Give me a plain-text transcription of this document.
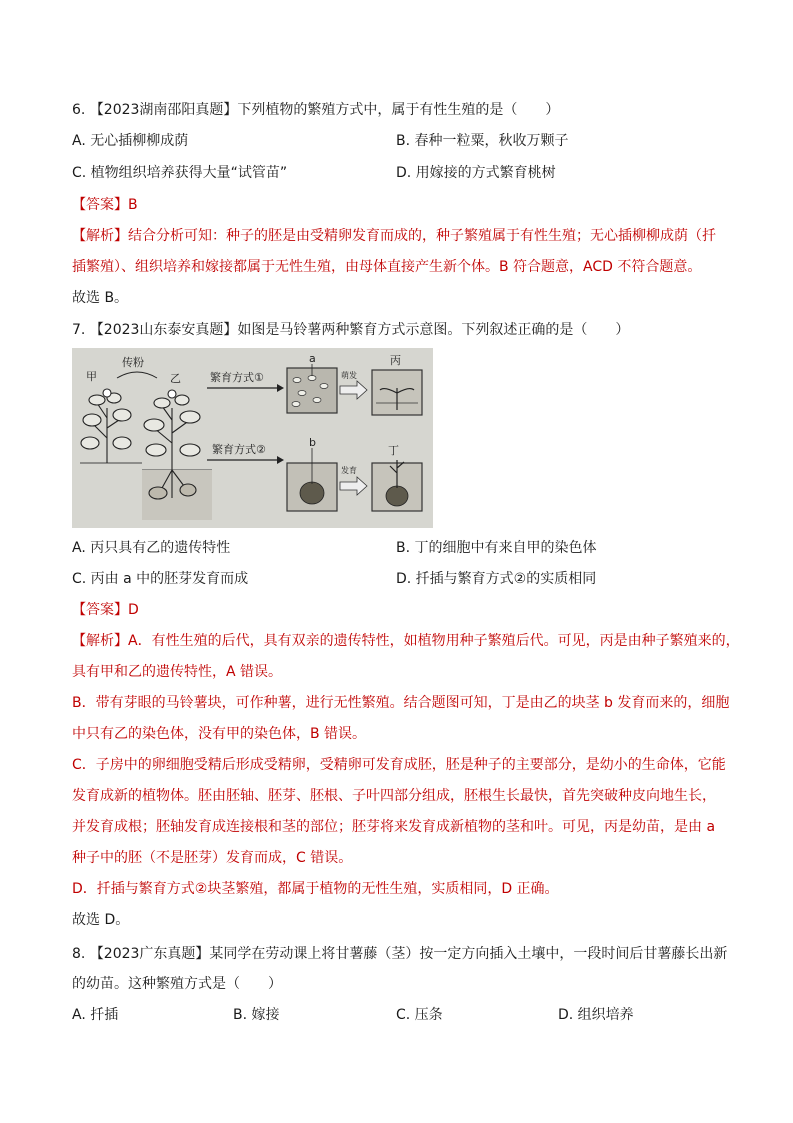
6. 【2023湖南邵阳真题】下列植物的繁殖方式中，属于有性生殖的是（　　）
A. 无心插柳柳成荫	B. 春种一粒粟，秋收万颗子
C. 植物组织培养获得大量“试管苗”	D. 用嫁接的方式繁育桃树
【答案】B
【解析】结合分析可知：种子的胚是由受精卵发育而成的，种子繁殖属于有性生殖；无心插柳柳成荫（扦
插繁殖）、组织培养和嫁接都属于无性生殖，由母体直接产生新个体。B 符合题意，ACD 不符合题意。
故选 B。
7. 【2023山东泰安真题】如图是马铃薯两种繁育方式示意图。下列叙述正确的是（　　）
甲
传粉
乙	繁育方式①
a
萌发
丙
繁育方式②
b
发育
丁
A. 丙只具有乙的遗传特性	B. 丁的细胞中有来自甲的染色体
C. 丙由 a 中的胚芽发育而成	D. 扦插与繁育方式②的实质相同
【答案】D
【解析】A．有性生殖的后代，具有双亲的遗传特性，如植物用种子繁殖后代。可见，丙是由种子繁殖来的，
具有甲和乙的遗传特性，A 错误。
B．带有芽眼的马铃薯块，可作种薯，进行无性繁殖。结合题图可知，丁是由乙的块茎 b 发育而来的，细胞
中只有乙的染色体，没有甲的染色体，B 错误。
C．子房中的卵细胞受精后形成受精卵，受精卵可发育成胚，胚是种子的主要部分，是幼小的生命体，它能
发育成新的植物体。胚由胚轴、胚芽、胚根、子叶四部分组成，胚根生长最快，首先突破种皮向地生长，
并发育成根；胚轴发育成连接根和茎的部位；胚芽将来发育成新植物的茎和叶。可见，丙是幼苗，是由 a
种子中的胚（不是胚芽）发育而成，C 错误。
D．扦插与繁育方式②块茎繁殖，都属于植物的无性生殖，实质相同，D 正确。
故选 D。
8. 【2023广东真题】某同学在劳动课上将甘薯藤（茎）按一定方向插入土壤中，一段时间后甘薯藤长出新
的幼苗。这种繁殖方式是（　　）
A. 扦插	B. 嫁接	C. 压条	D. 组织培养
